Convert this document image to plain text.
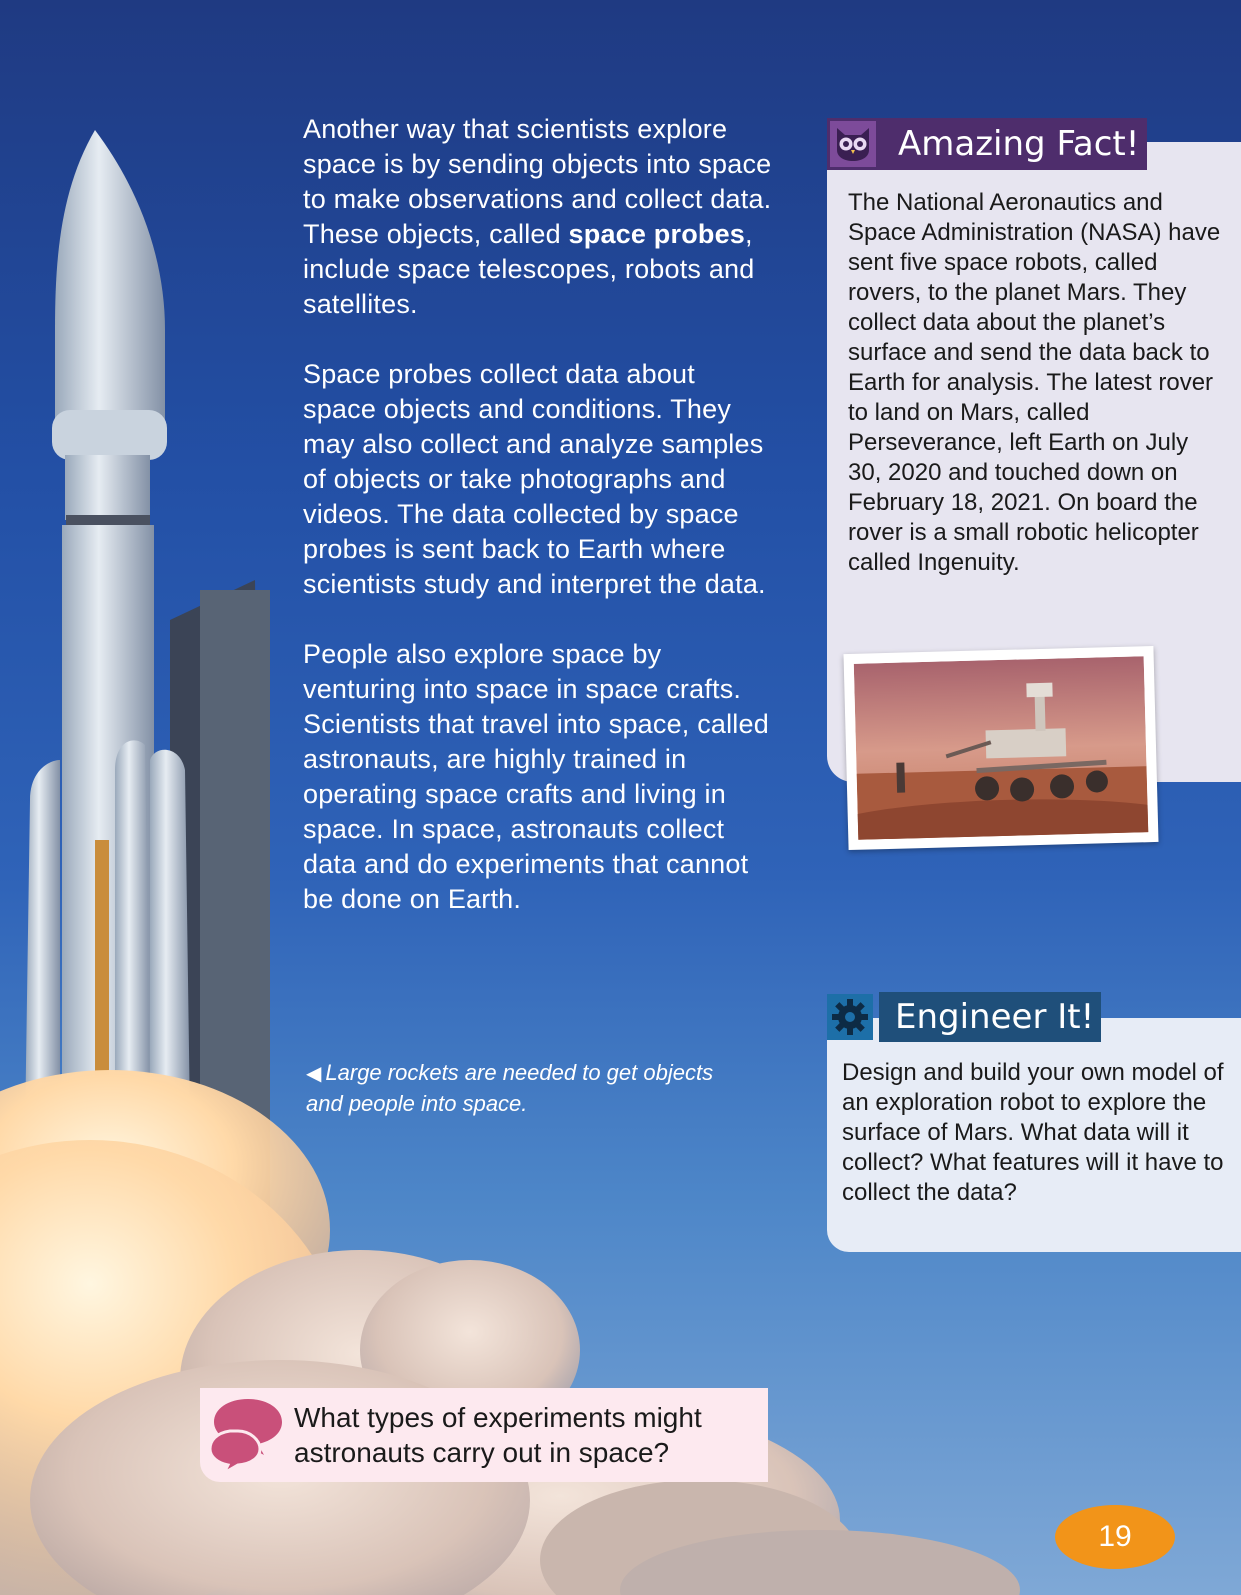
Another way that scientists explore space is by sending objects into space to make observations and collect data. These objects, called space probes, include space telescopes, robots and satellites.

Space probes collect data about space objects and conditions. They may also collect and analyze samples of objects or take photographs and videos. The data collected by space probes is sent back to Earth where scientists study and interpret the data.

People also explore space by venturing into space in space crafts. Scientists that travel into space, called astronauts, are highly trained in operating space crafts and living in space. In space, astronauts collect data and do experiments that cannot be done on Earth.

◀ Large rockets are needed to get objects and people into space.
Amazing Fact!
The National Aeronautics and Space Administration (NASA) have sent five space robots, called rovers, to the planet Mars. They collect data about the planet’s surface and send the data back to Earth for analysis. The latest rover to land on Mars, called Perseverance, left Earth on July 30, 2020 and touched down on February 18, 2021. On board the rover is a small robotic helicopter called Ingenuity.
Engineer It!
Design and build your own model of an exploration robot to explore the surface of Mars. What data will it collect? What features will it have to collect the data?
What types of experiments might astronauts carry out in space?
19
